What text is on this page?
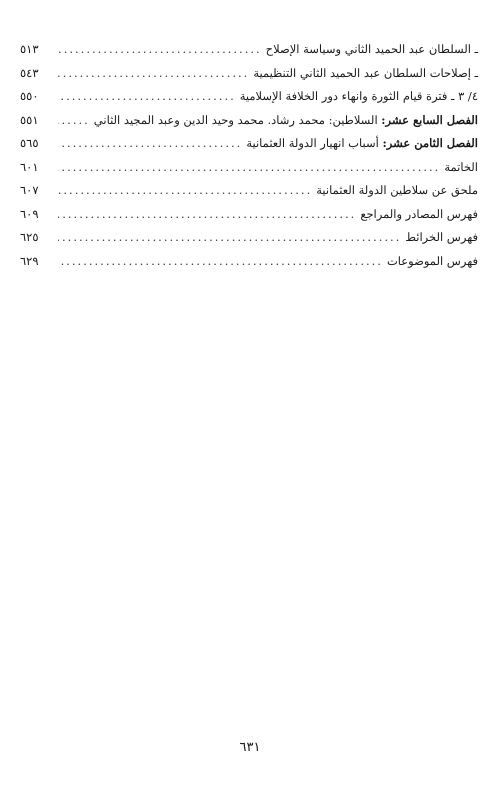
ـ السلطان عبد الحميد الثاني وسياسة الإصلاح
.....
٥١٣
ـ إصلاحات السلطان عبد الحميد الثاني التنظيمية
.....
٥٤٣
٤/ ٣ ـ فترة قيام الثورة وانهاء دور الخلافة الإسلامية
.....
٥٥٠
الفصل السابع عشر: السلاطين: محمد رشاد. محمد وحيد الدين وعبد المجيد الثاني
.....
٥٥١
الفصل الثامن عشر: أسباب انهيار الدولة العثمانية
.....
٥٦٥
الخاتمة
.....
٦٠١
ملحق عن سلاطين الدولة العثمانية
.....
٦٠٧
فهرس المصادر والمراجع
.....
٦٠٩
فهرس الخرائط
.....
٦٢٥
فهرس الموضوعات
.....
٦٢٩
٦٣١
